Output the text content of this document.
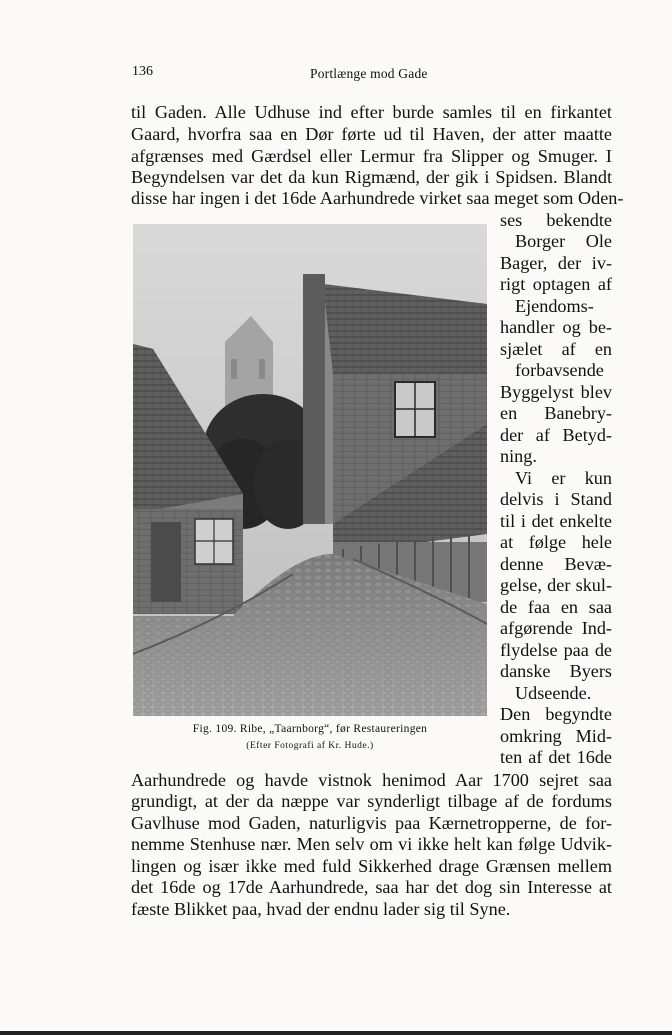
136	Portlænge mod Gade
til Gaden. Alle Udhuse ind efter burde samles til en firkantet
Gaard, hvorfra saa en Dør førte ud til Haven, der atter maatte
afgrænses med Gærdsel eller Lermur fra Slipper og Smuger. I
Begyndelsen var det da kun Rigmænd, der gik i Spidsen. Blandt
disse har ingen i det 16de Aarhundrede virket saa meget som Oden-
ses bekendte
Borger Ole
Bager, der iv-
rigt optagen af
Ejendoms-
handler og be-
sjælet af en
forbavsende
Byggelyst blev
en Banebry-
der af Betyd-
ning.
Vi er kun
delvis i Stand
til i det enkelte
at følge hele
denne Bevæ-
gelse, der skul-
de faa en saa
afgørende Ind-
flydelse paa de
danske Byers
Udseende.
Den begyndte
omkring Mid-
ten af det 16de
Fig. 109. Ribe, „Taarnborg“, før Restaureringen
(Efter Fotografi af Kr. Hude.)
Aarhundrede og havde vistnok henimod Aar 1700 sejret saa
grundigt, at der da næppe var synderligt tilbage af de fordums
Gavlhuse mod Gaden, naturligvis paa Kærnetropperne, de for-
nemme Stenhuse nær. Men selv om vi ikke helt kan følge Udvik-
lingen og især ikke med fuld Sikkerhed drage Grænsen mellem
det 16de og 17de Aarhundrede, saa har det dog sin Interesse at
fæste Blikket paa, hvad der endnu lader sig til Syne.
